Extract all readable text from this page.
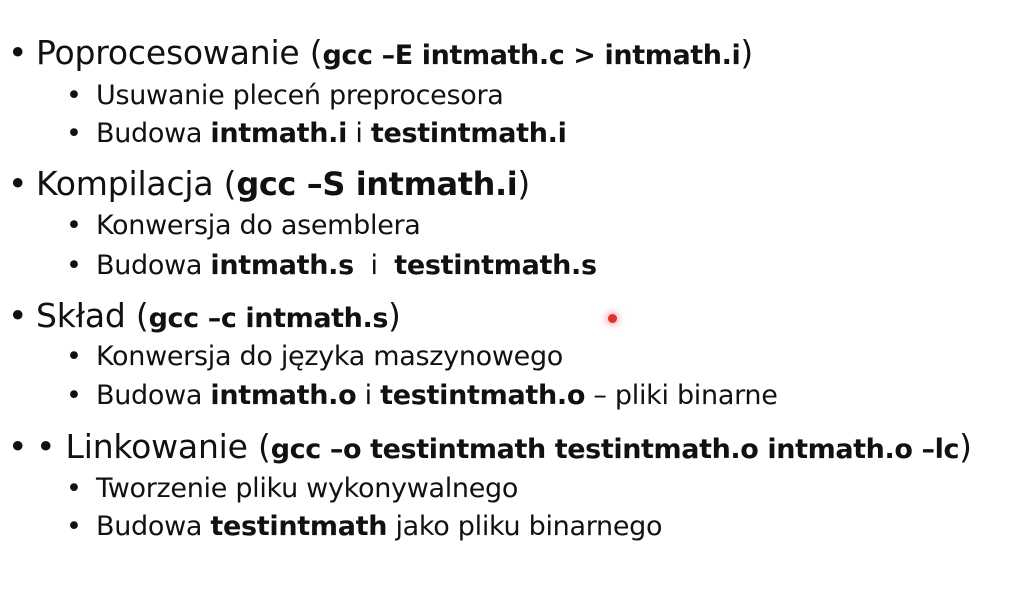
• Poprocesowanie (gcc –E intmath.c > intmath.i)
• Usuwanie pleceń preprocesora
• Budowa intmath.i i testintmath.i
• Kompilacja (gcc –S intmath.i)
• Konwersja do asemblera
• Budowa intmath.s  i  testintmath.s
• Skład (gcc –c intmath.s)
• Konwersja do języka maszynowego
• Budowa intmath.o i testintmath.o – pliki binarne
• • Linkowanie (gcc –o testintmath testintmath.o intmath.o –lc)
• Tworzenie pliku wykonywalnego
• Budowa testintmath jako pliku binarnego
